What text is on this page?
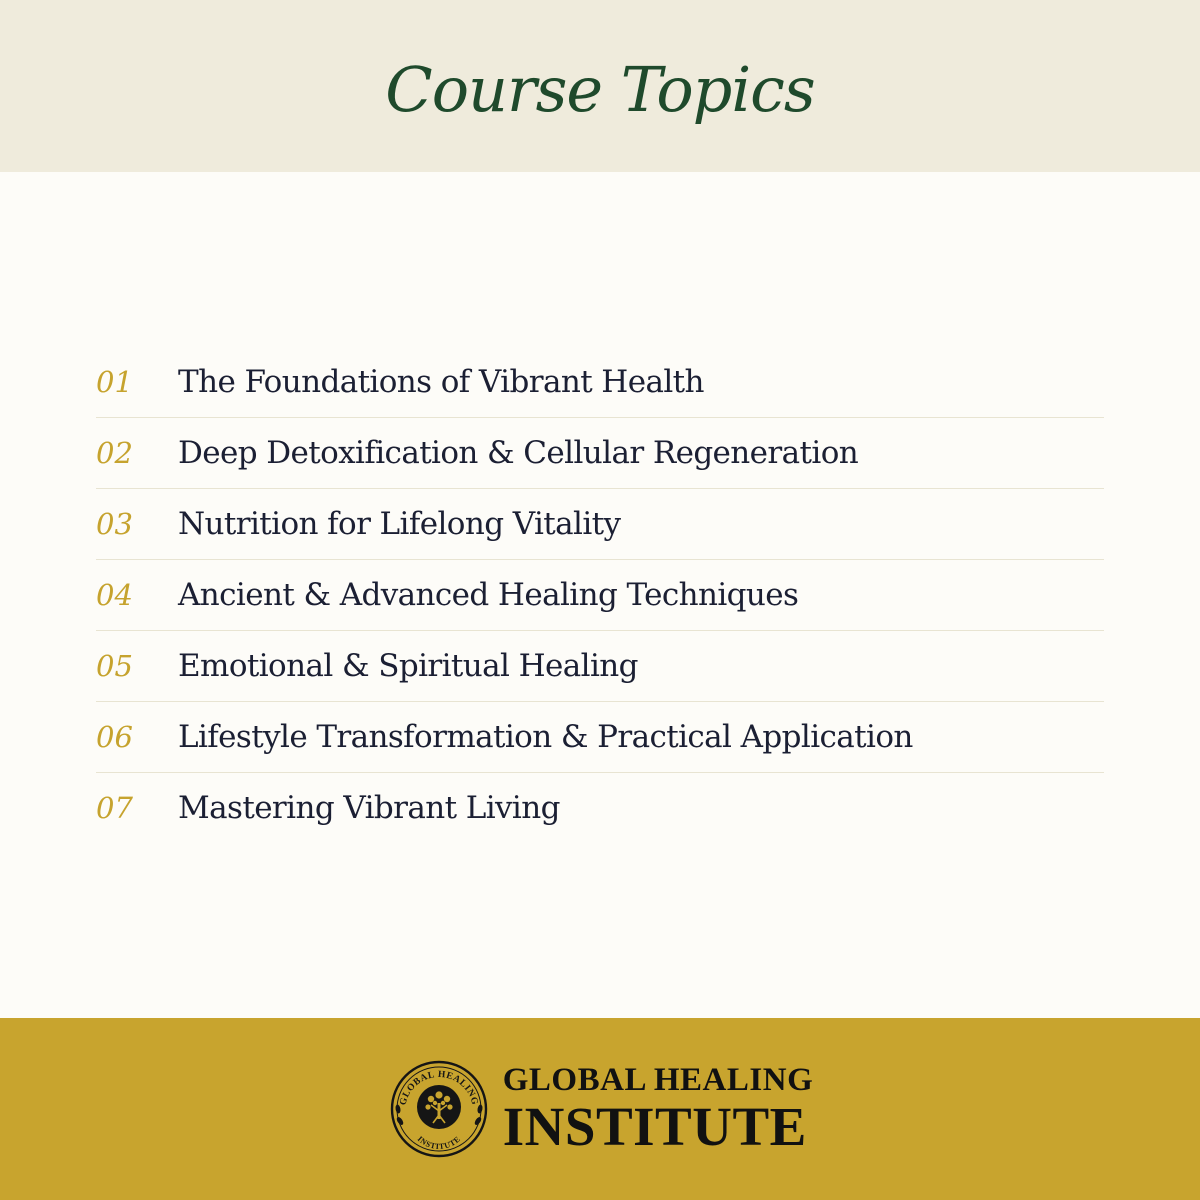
Course Topics
01	The Foundations of Vibrant Health
02	Deep Detoxification & Cellular Regeneration
03	Nutrition for Lifelong Vitality
04	Ancient & Advanced Healing Techniques
05	Emotional & Spiritual Healing
06	Lifestyle Transformation & Practical Application
07	Mastering Vibrant Living
GLOBAL HEALING
INSTITUTE
GLOBAL HEALING
INSTITUTE
